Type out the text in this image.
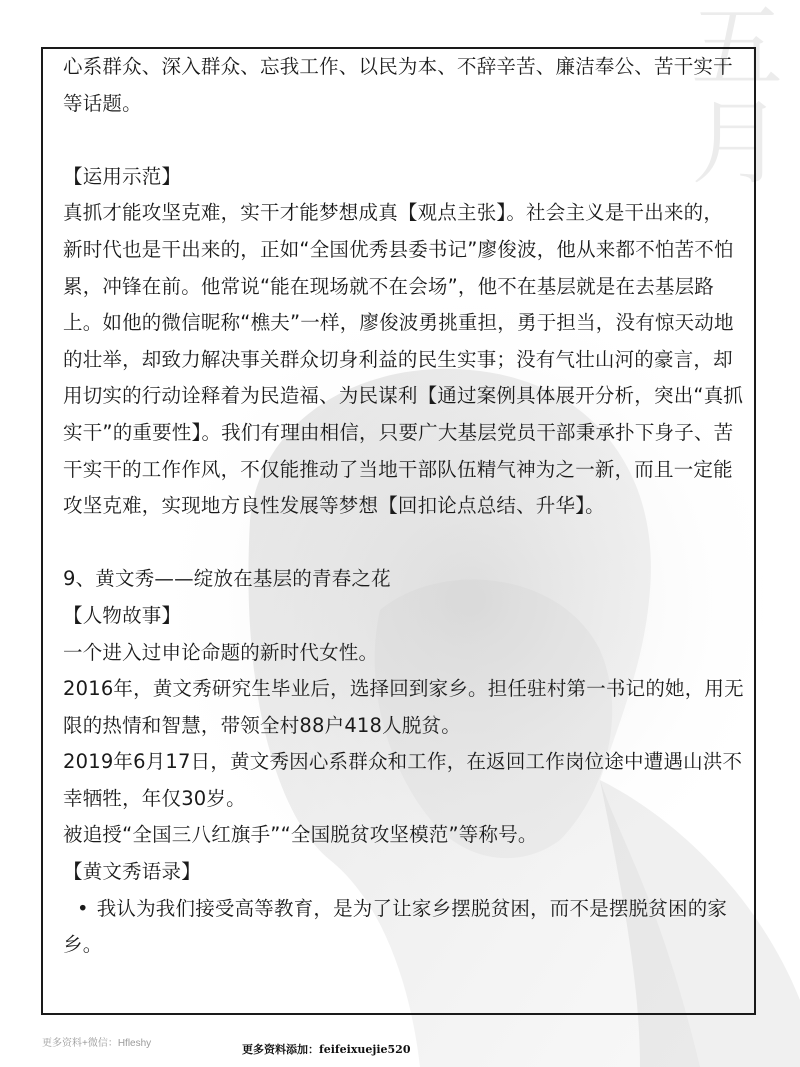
五
月

心系群众、深入群众、忘我工作、以民为本、不辞辛苦、廉洁奉公、苦干实干

等话题。

【运用示范】

真抓才能攻坚克难，实干才能梦想成真【观点主张】。社会主义是干出来的，

新时代也是干出来的，正如“全国优秀县委书记”廖俊波，他从来都不怕苦不怕

累，冲锋在前。他常说“能在现场就不在会场”，他不在基层就是在去基层路

上。如他的微信昵称“樵夫”一样，廖俊波勇挑重担，勇于担当，没有惊天动地

的壮举，却致力解决事关群众切身利益的民生实事；没有气壮山河的豪言，却

用切实的行动诠释着为民造福、为民谋利【通过案例具体展开分析，突出“真抓

实干”的重要性】。我们有理由相信，只要广大基层党员干部秉承扑下身子、苦

干实干的工作作风，不仅能推动了当地干部队伍精气神为之一新，而且一定能

攻坚克难，实现地方良性发展等梦想【回扣论点总结、升华】。

9、黄文秀——绽放在基层的青春之花

【人物故事】

一个进入过申论命题的新时代女性。

2016年，黄文秀研究生毕业后，选择回到家乡。担任驻村第一书记的她，用无

限的热情和智慧，带领全村88户418人脱贫。

2019年6月17日，黄文秀因心系群众和工作，在返回工作岗位途中遭遇山洪不

幸牺牲，年仅30岁。

被追授“全国三八红旗手”“全国脱贫攻坚模范”等称号。

【黄文秀语录】

• 我认为我们接受高等教育，是为了让家乡摆脱贫困，而不是摆脱贫困的家

乡。

更多资料+微信：Hfleshy	更多资料添加：feifeixuejie520
